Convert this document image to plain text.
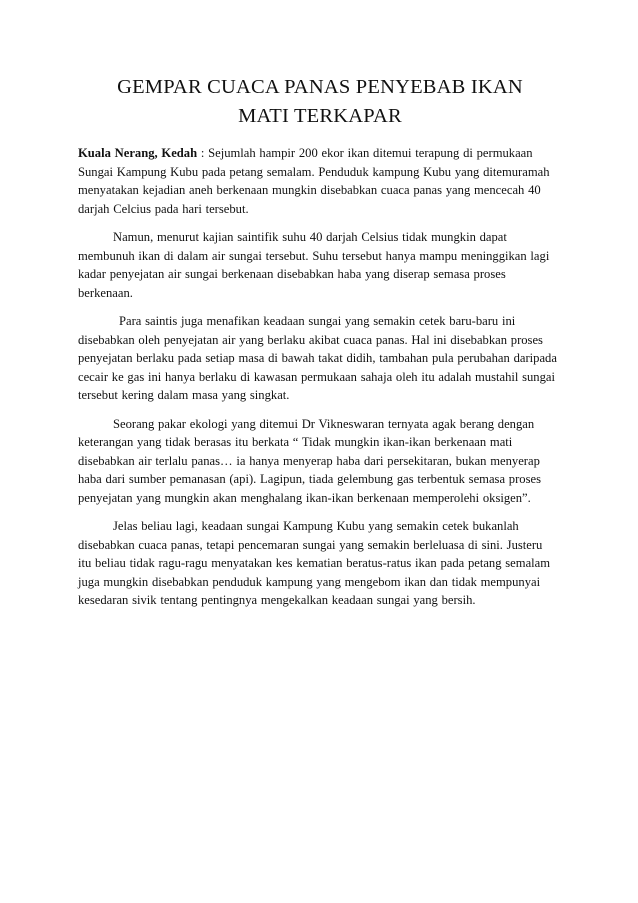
GEMPAR CUACA PANAS PENYEBAB IKAN
MATI TERKAPAR

Kuala Nerang, Kedah : Sejumlah hampir 200 ekor ikan ditemui terapung di permukaan
Sungai Kampung Kubu pada petang semalam. Penduduk kampung Kubu yang ditemuramah
menyatakan kejadian aneh berkenaan mungkin disebabkan cuaca panas yang mencecah 40
darjah Celcius pada hari tersebut.

Namun, menurut kajian saintifik suhu 40 darjah Celsius tidak mungkin dapat
membunuh ikan di dalam air sungai tersebut. Suhu tersebut hanya mampu meninggikan lagi
kadar penyejatan air sungai berkenaan disebabkan haba yang diserap semasa proses
berkenaan.

Para saintis juga menafikan keadaan sungai yang semakin cetek baru-baru ini
disebabkan oleh penyejatan air yang berlaku akibat cuaca panas. Hal ini disebabkan proses
penyejatan berlaku pada setiap masa di bawah takat didih, tambahan pula perubahan daripada
cecair ke gas ini hanya berlaku di kawasan permukaan sahaja oleh itu adalah mustahil sungai
tersebut kering dalam masa yang singkat.

Seorang pakar ekologi yang ditemui Dr Vikneswaran ternyata agak berang dengan
keterangan yang tidak berasas itu berkata “ Tidak mungkin ikan-ikan berkenaan mati
disebabkan air terlalu panas… ia hanya menyerap haba dari persekitaran, bukan menyerap
haba dari sumber pemanasan (api). Lagipun, tiada gelembung gas terbentuk semasa proses
penyejatan yang mungkin akan menghalang ikan-ikan berkenaan memperolehi oksigen”.

Jelas beliau lagi, keadaan sungai Kampung Kubu yang semakin cetek bukanlah
disebabkan cuaca panas, tetapi pencemaran sungai yang semakin berleluasa di sini. Justeru
itu beliau tidak ragu-ragu menyatakan kes kematian beratus-ratus ikan pada petang semalam
juga mungkin disebabkan penduduk kampung yang mengebom ikan dan tidak mempunyai
kesedaran sivik tentang pentingnya mengekalkan keadaan sungai yang bersih.
